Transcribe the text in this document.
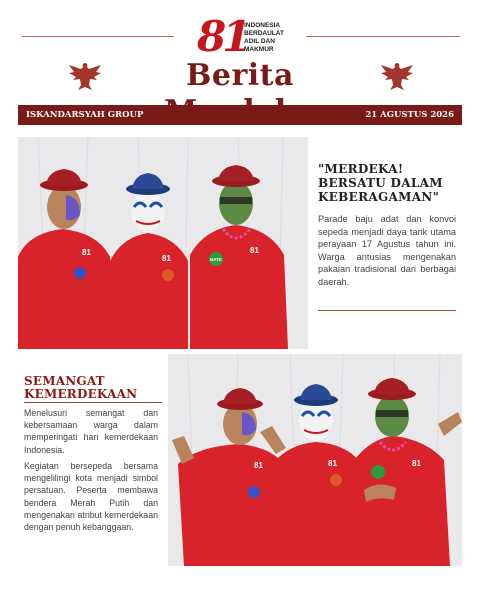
81
INDONESIA
BERDAULAT
ADIL DAN
MAKMUR
Berita
ISKANDARSYAH GROUP	21 AGUSTUS 2026
81
81	NATE
81
"MERDEKA! BERSATU DALAM KEBERAGAMAN"
Parade baju adat dan konvoi sepeda menjadi daya tarik utama perayaan 17 Agustus tahun ini. Warga antusias mengenakan pakaian tradisional dari berbagai daerah.
SEMANGAT KEMERDEKAAN
Menelusuri semangat dan kebersamaan warga dalam memperingati hari kemerdekaan Indonesia.
Kegiatan bersepeda bersama mengelilingi kota menjadi simbol persatuan. Peserta membawa bendera Merah Putih dan mengenakan atribut kemerdekaan dengan penuh kebanggaan.
81	81	81
